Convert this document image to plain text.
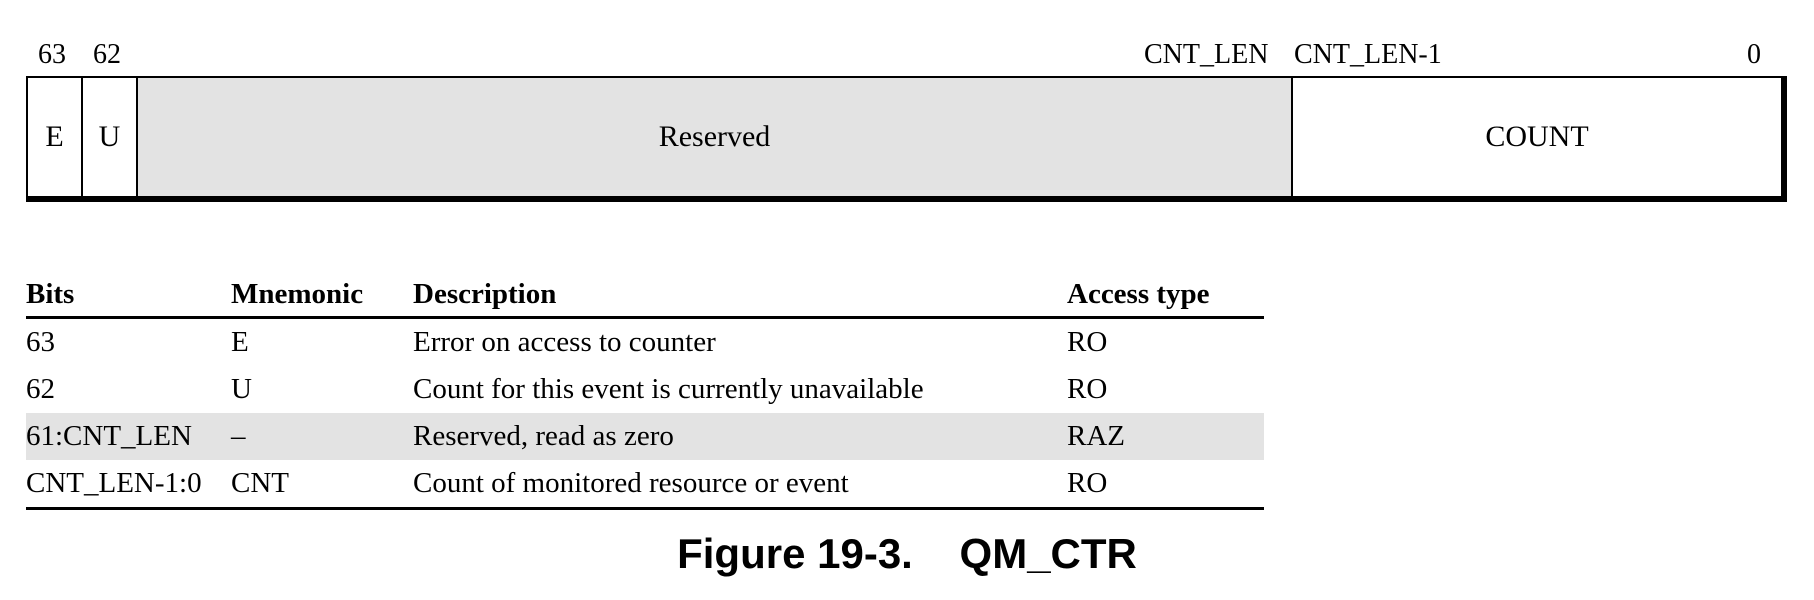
63 62	CNT_LEN CNT_LEN-1	0
E	U	Reserved	COUNT
Bits	Mnemonic	Description	Access type
63	E	Error on access to counter	RO
62	U	Count for this event is currently unavailable	RO
61:CNT_LEN	–	Reserved, read as zero	RAZ
CNT_LEN-1:0	CNT	Count of monitored resource or event	RO
Figure 19-3. QM_CTR
